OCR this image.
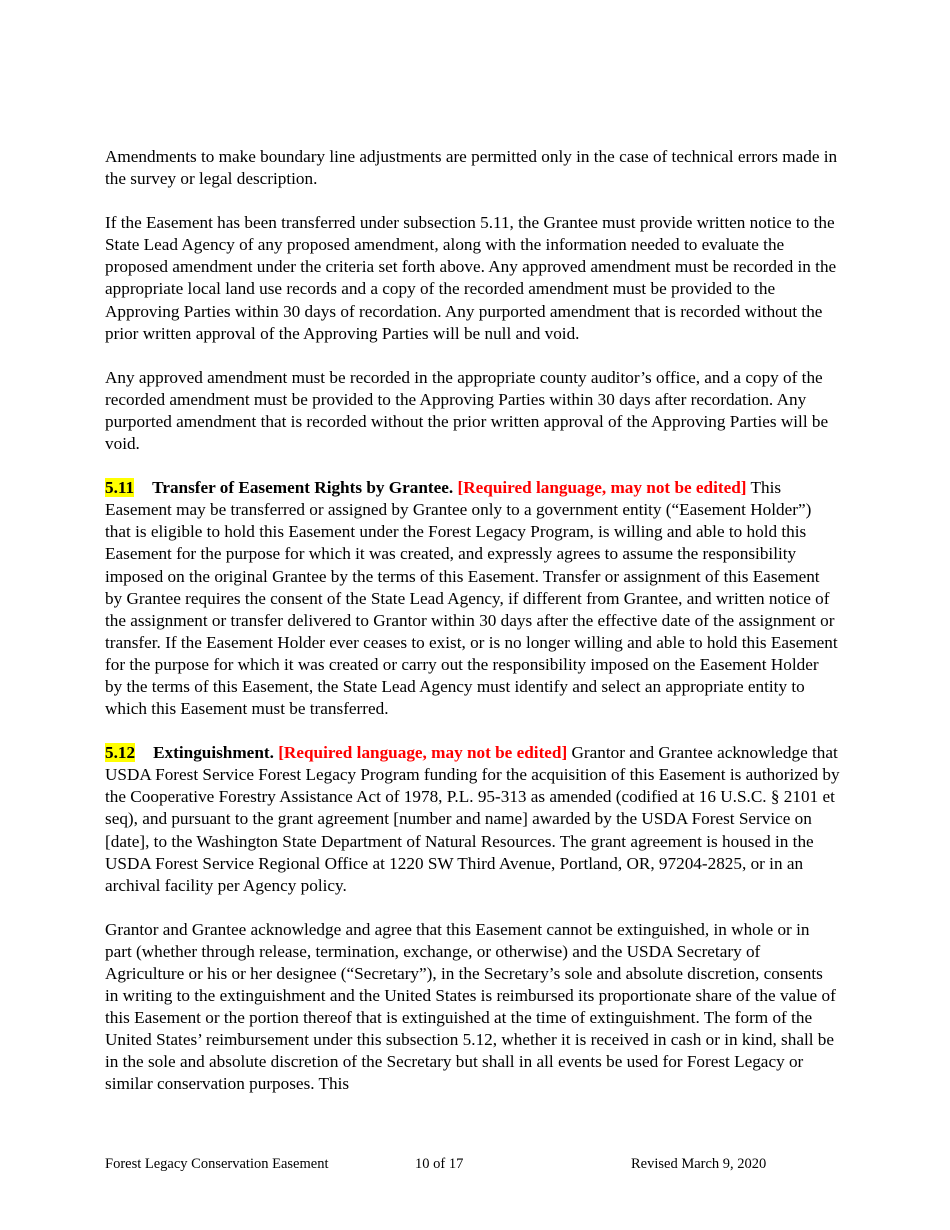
Amendments to make boundary line adjustments are permitted only in the case of technical errors made in the survey or legal description.

If the Easement has been transferred under subsection 5.11, the Grantee must provide written notice to the State Lead Agency of any proposed amendment, along with the information needed to evaluate the proposed amendment under the criteria set forth above. Any approved amendment must be recorded in the appropriate local land use records and a copy of the recorded amendment must be provided to the Approving Parties within 30 days of recordation. Any purported amendment that is recorded without the prior written approval of the Approving Parties will be null and void.

Any approved amendment must be recorded in the appropriate county auditor’s office, and a copy of the recorded amendment must be provided to the Approving Parties within 30 days after recordation. Any purported amendment that is recorded without the prior written approval of the Approving Parties will be void.

5.11 Transfer of Easement Rights by Grantee. [Required language, may not be edited] This Easement may be transferred or assigned by Grantee only to a government entity (“Easement Holder”) that is eligible to hold this Easement under the Forest Legacy Program, is willing and able to hold this Easement for the purpose for which it was created, and expressly agrees to assume the responsibility imposed on the original Grantee by the terms of this Easement. Transfer or assignment of this Easement by Grantee requires the consent of the State Lead Agency, if different from Grantee, and written notice of the assignment or transfer delivered to Grantor within 30 days after the effective date of the assignment or transfer. If the Easement Holder ever ceases to exist, or is no longer willing and able to hold this Easement for the purpose for which it was created or carry out the responsibility imposed on the Easement Holder by the terms of this Easement, the State Lead Agency must identify and select an appropriate entity to which this Easement must be transferred.

5.12 Extinguishment. [Required language, may not be edited] Grantor and Grantee acknowledge that USDA Forest Service Forest Legacy Program funding for the acquisition of this Easement is authorized by the Cooperative Forestry Assistance Act of 1978, P.L. 95-313 as amended (codified at 16 U.S.C. § 2101 et seq), and pursuant to the grant agreement [number and name] awarded by the USDA Forest Service on [date], to the Washington State Department of Natural Resources. The grant agreement is housed in the USDA Forest Service Regional Office at 1220 SW Third Avenue, Portland, OR, 97204-2825, or in an archival facility per Agency policy.

Grantor and Grantee acknowledge and agree that this Easement cannot be extinguished, in whole or in part (whether through release, termination, exchange, or otherwise) and the USDA Secretary of Agriculture or his or her designee (“Secretary”), in the Secretary’s sole and absolute discretion, consents in writing to the extinguishment and the United States is reimbursed its proportionate share of the value of this Easement or the portion thereof that is extinguished at the time of extinguishment. The form of the United States’ reimbursement under this subsection 5.12, whether it is received in cash or in kind, shall be in the sole and absolute discretion of the Secretary but shall in all events be used for Forest Legacy or similar conservation purposes. This

Forest Legacy Conservation Easement	10 of 17	Revised March 9, 2020
